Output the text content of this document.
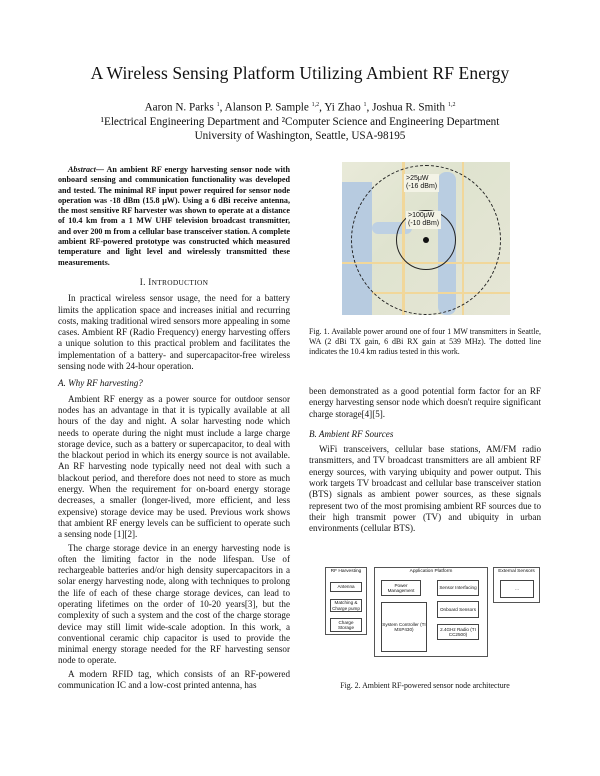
A Wireless Sensing Platform Utilizing Ambient RF Energy
Aaron N. Parks $^1$, Alanson P. Sample $^{1,2}$, Yi Zhao $^1$, Joshua R. Smith $^{1,2}$
¹Electrical Engineering Department and ²Computer Science and Engineering Department
University of Washington, Seattle, USA-98195

Abstract— An ambient RF energy harvesting sensor node with onboard sensing and communication functionality was developed and tested. The minimal RF input power required for sensor node operation was -18 dBm (15.8 μW). Using a 6 dBi receive antenna, the most sensitive RF harvester was shown to operate at a distance of 10.4 km from a 1 MW UHF television broadcast transmitter, and over 200 m from a cellular base transceiver station. A complete ambient RF-powered prototype was constructed which measured temperature and light level and wirelessly transmitted these measurements.

I. INTRODUCTION

In practical wireless sensor usage, the need for a battery limits the application space and increases initial and recurring costs, making traditional wired sensors more appealing in some cases. Ambient RF (Radio Frequency) energy harvesting offers a unique solution to this practical problem and facilitates the implementation of a battery- and supercapacitor-free wireless sensing node with 24-hour operation.

A. Why RF harvesting?

Ambient RF energy as a power source for outdoor sensor nodes has an advantage in that it is typically available at all hours of the day and night. A solar harvesting node which needs to operate during the night must include a large charge storage device, such as a battery or supercapacitor, to deal with the blackout period in which its energy source is not available. An RF harvesting node typically need not deal with such a blackout period, and therefore does not need to store as much energy. When the requirement for on-board energy storage decreases, a smaller (longer-lived, more efficient, and less expensive) storage device may be used. Previous work shows that ambient RF energy levels can be sufficient to operate such a sensing node [1][2].

The charge storage device in an energy harvesting node is often the limiting factor in the node lifespan. Use of rechargeable batteries and/or high density supercapacitors in a solar energy harvesting node, along with techniques to prolong the life of each of these charge storage devices, can lead to operating lifetimes on the order of 10-20 years[3], but the complexity of such a system and the cost of the charge storage device may still limit wide-scale adoption. In this work, a conventional ceramic chip capacitor is used to provide the minimal energy storage needed for the RF harvesting sensor node to operate.

A modern RFID tag, which consists of an RF-powered communication IC and a low-cost printed antenna, has

>25μW
(-16 dBm)
>100μW
(-10 dBm)
Fig. 1. Available power around one of four 1 MW transmitters in Seattle, WA (2 dBi TX gain, 6 dBi RX gain at 539 MHz). The dotted line indicates the 10.4 km radius tested in this work.

been demonstrated as a good potential form factor for an RF energy harvesting sensor node which doesn't require significant charge storage[4][5].

B. Ambient RF Sources

WiFi transceivers, cellular base stations, AM/FM radio transmitters, and TV broadcast transmitters are all ambient RF energy sources, with varying ubiquity and power output. This work targets TV broadcast and cellular base transceiver station (BTS) signals as ambient power sources, as these signals represent two of the most promising ambient RF sources due to their high transmit power (TV) and ubiquity in urban environments (cellular BTS).

RF Harvesting
Antenna
Matching & Charge pump
Charge Storage
Application Platform
Power Management
Sensor Interfacing
Onboard Sensors
System Controller (TI MSP430)	2.4GHz Radio (TI CC2500)
External Sensors
...
Fig. 2. Ambient RF-powered sensor node architecture
